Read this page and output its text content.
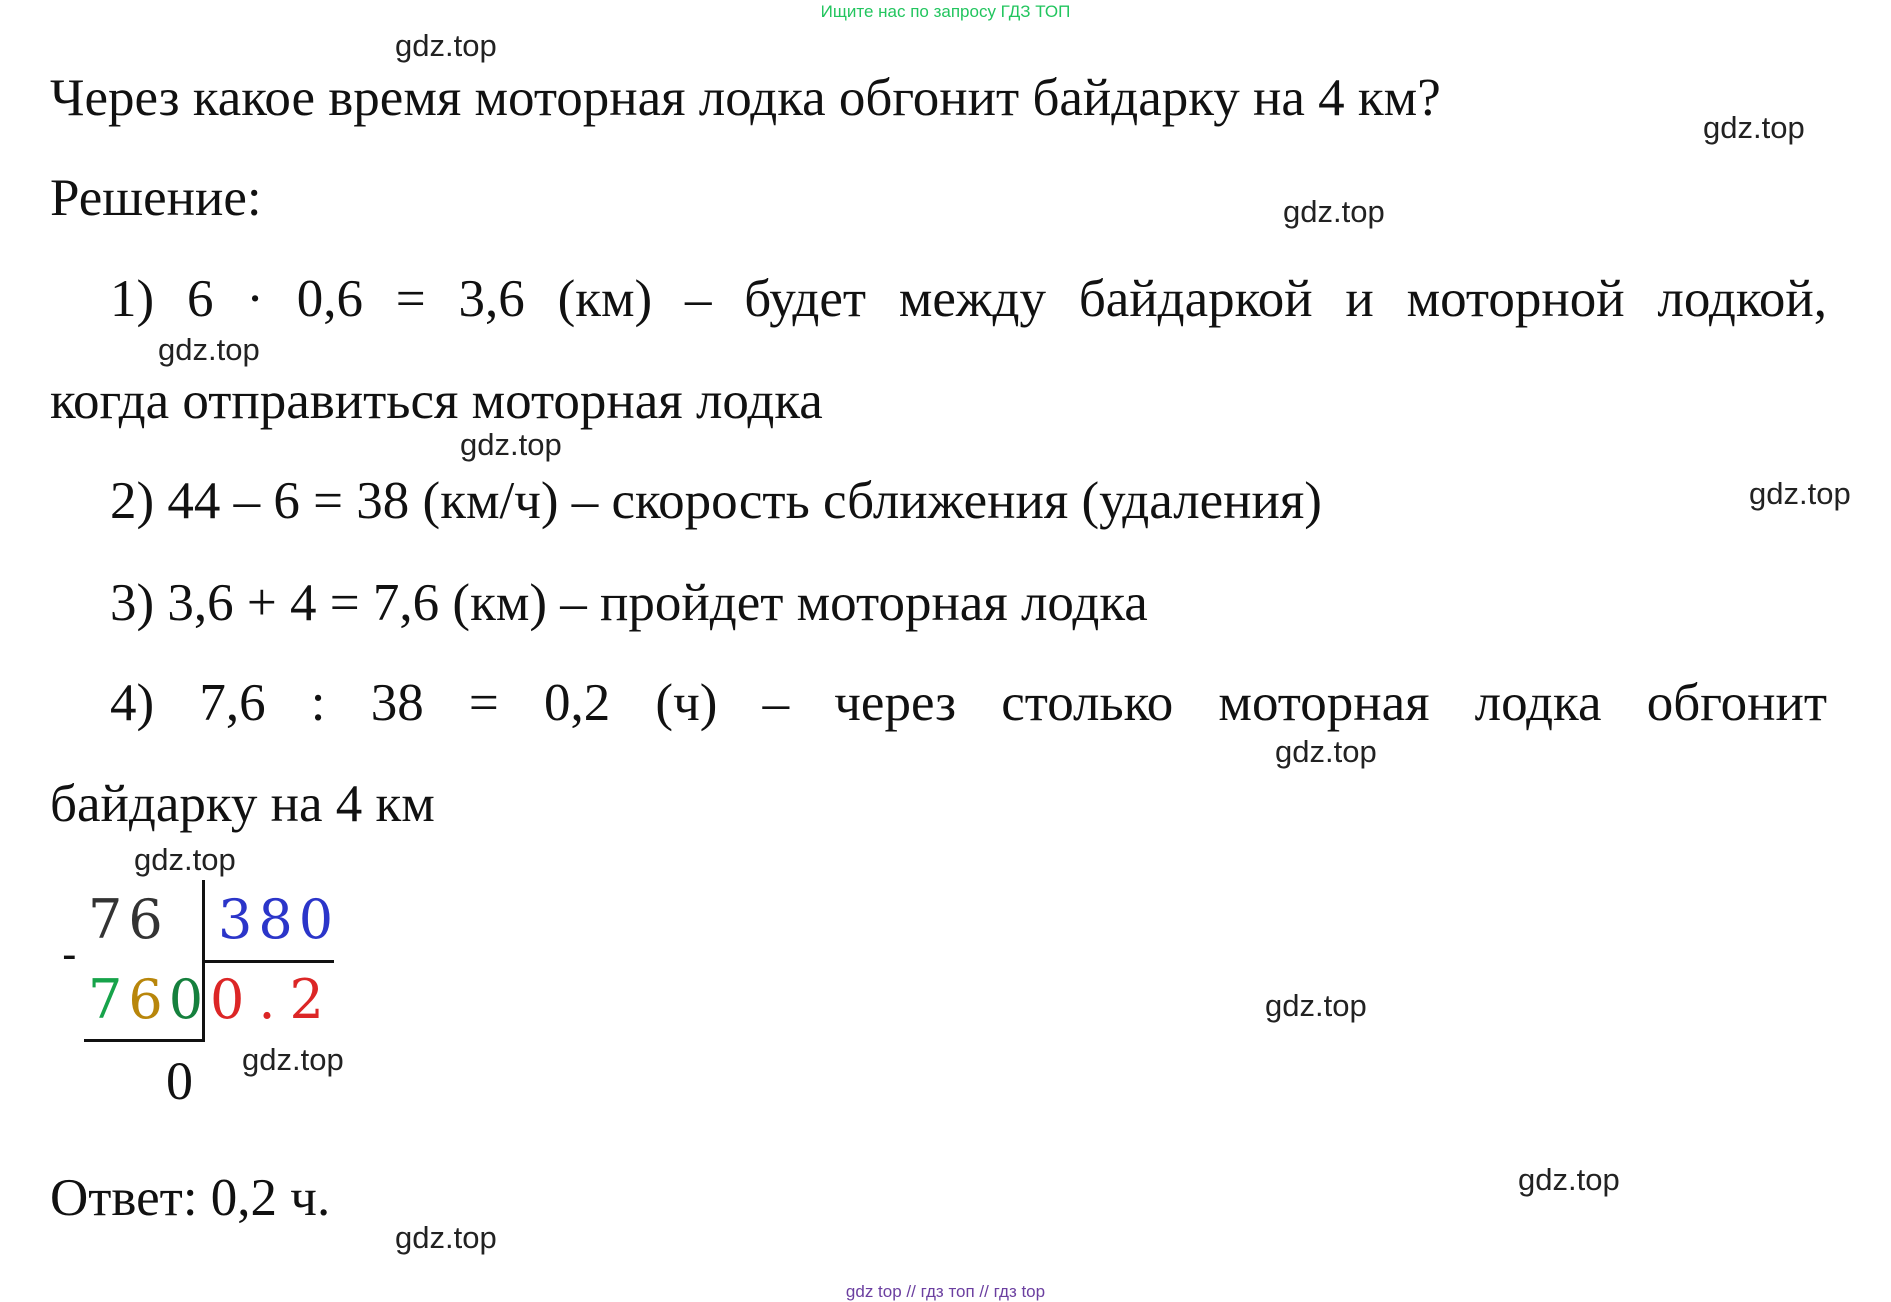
Ищите нас по запросу ГДЗ ТОП
gdz.top
Через какое время моторная лодка обгонит байдарку на 4 км?
gdz.top
Решение:	gdz.top
1) 6 · 0,6 = 3,6 (км) – будет между байдаркой и моторной лодкой,
gdz.top
когда отправиться моторная лодка
gdz.top
2) 44 – 6 = 38 (км/ч) – скорость сближения (удаления)	gdz.top
3) 3,6 + 4 = 7,6 (км) – пройдет моторная лодка
4) 7,6 : 38 = 0,2 (ч) – через столько моторная лодка обгонит
gdz.top
байдарку на 4 км
gdz.top
76 380
-
760 0.2
0 gdz.top
gdz.top
gdz.top
Ответ: 0,2 ч.
gdz.top
gdz top // гдз топ // гдз top
